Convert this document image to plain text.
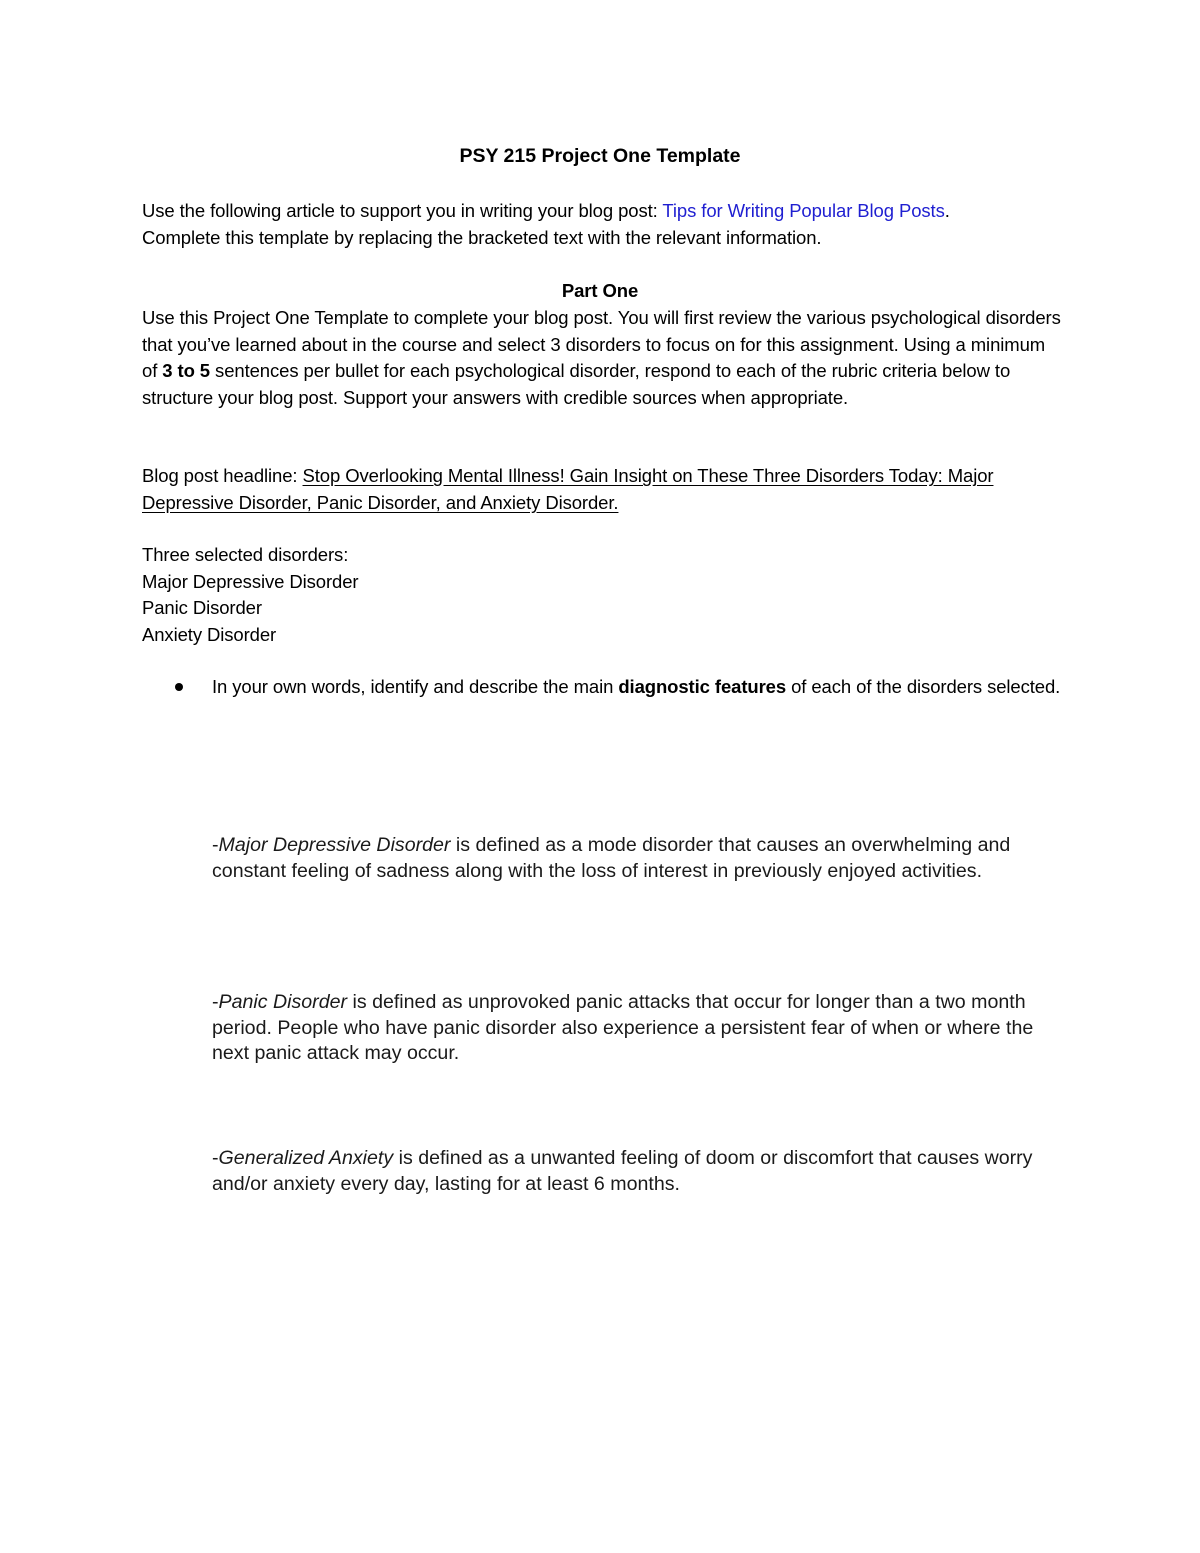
PSY 215 Project One Template
Use the following article to support you in writing your blog post: Tips for Writing Popular Blog Posts.
Complete this template by replacing the bracketed text with the relevant information.
Part One
Use this Project One Template to complete your blog post. You will first review the various psychological disorders that you’ve learned about in the course and select 3 disorders to focus on for this assignment. Using a minimum of 3 to 5 sentences per bullet for each psychological disorder, respond to each of the rubric criteria below to structure your blog post. Support your answers with credible sources when appropriate.
Blog post headline: Stop Overlooking Mental Illness! Gain Insight on These Three Disorders Today: Major Depressive Disorder, Panic Disorder, and Anxiety Disorder.
Three selected disorders:
Major Depressive Disorder
Panic Disorder
Anxiety Disorder
In your own words, identify and describe the main diagnostic features of each of the disorders selected.
-Major Depressive Disorder is defined as a mode disorder that causes an overwhelming and constant feeling of sadness along with the loss of interest in previously enjoyed activities.
-Panic Disorder is defined as unprovoked panic attacks that occur for longer than a two month period. People who have panic disorder also experience a persistent fear of when or where the next panic attack may occur.
-Generalized Anxiety is defined as a unwanted feeling of doom or discomfort that causes worry and/or anxiety every day, lasting for at least 6 months.
